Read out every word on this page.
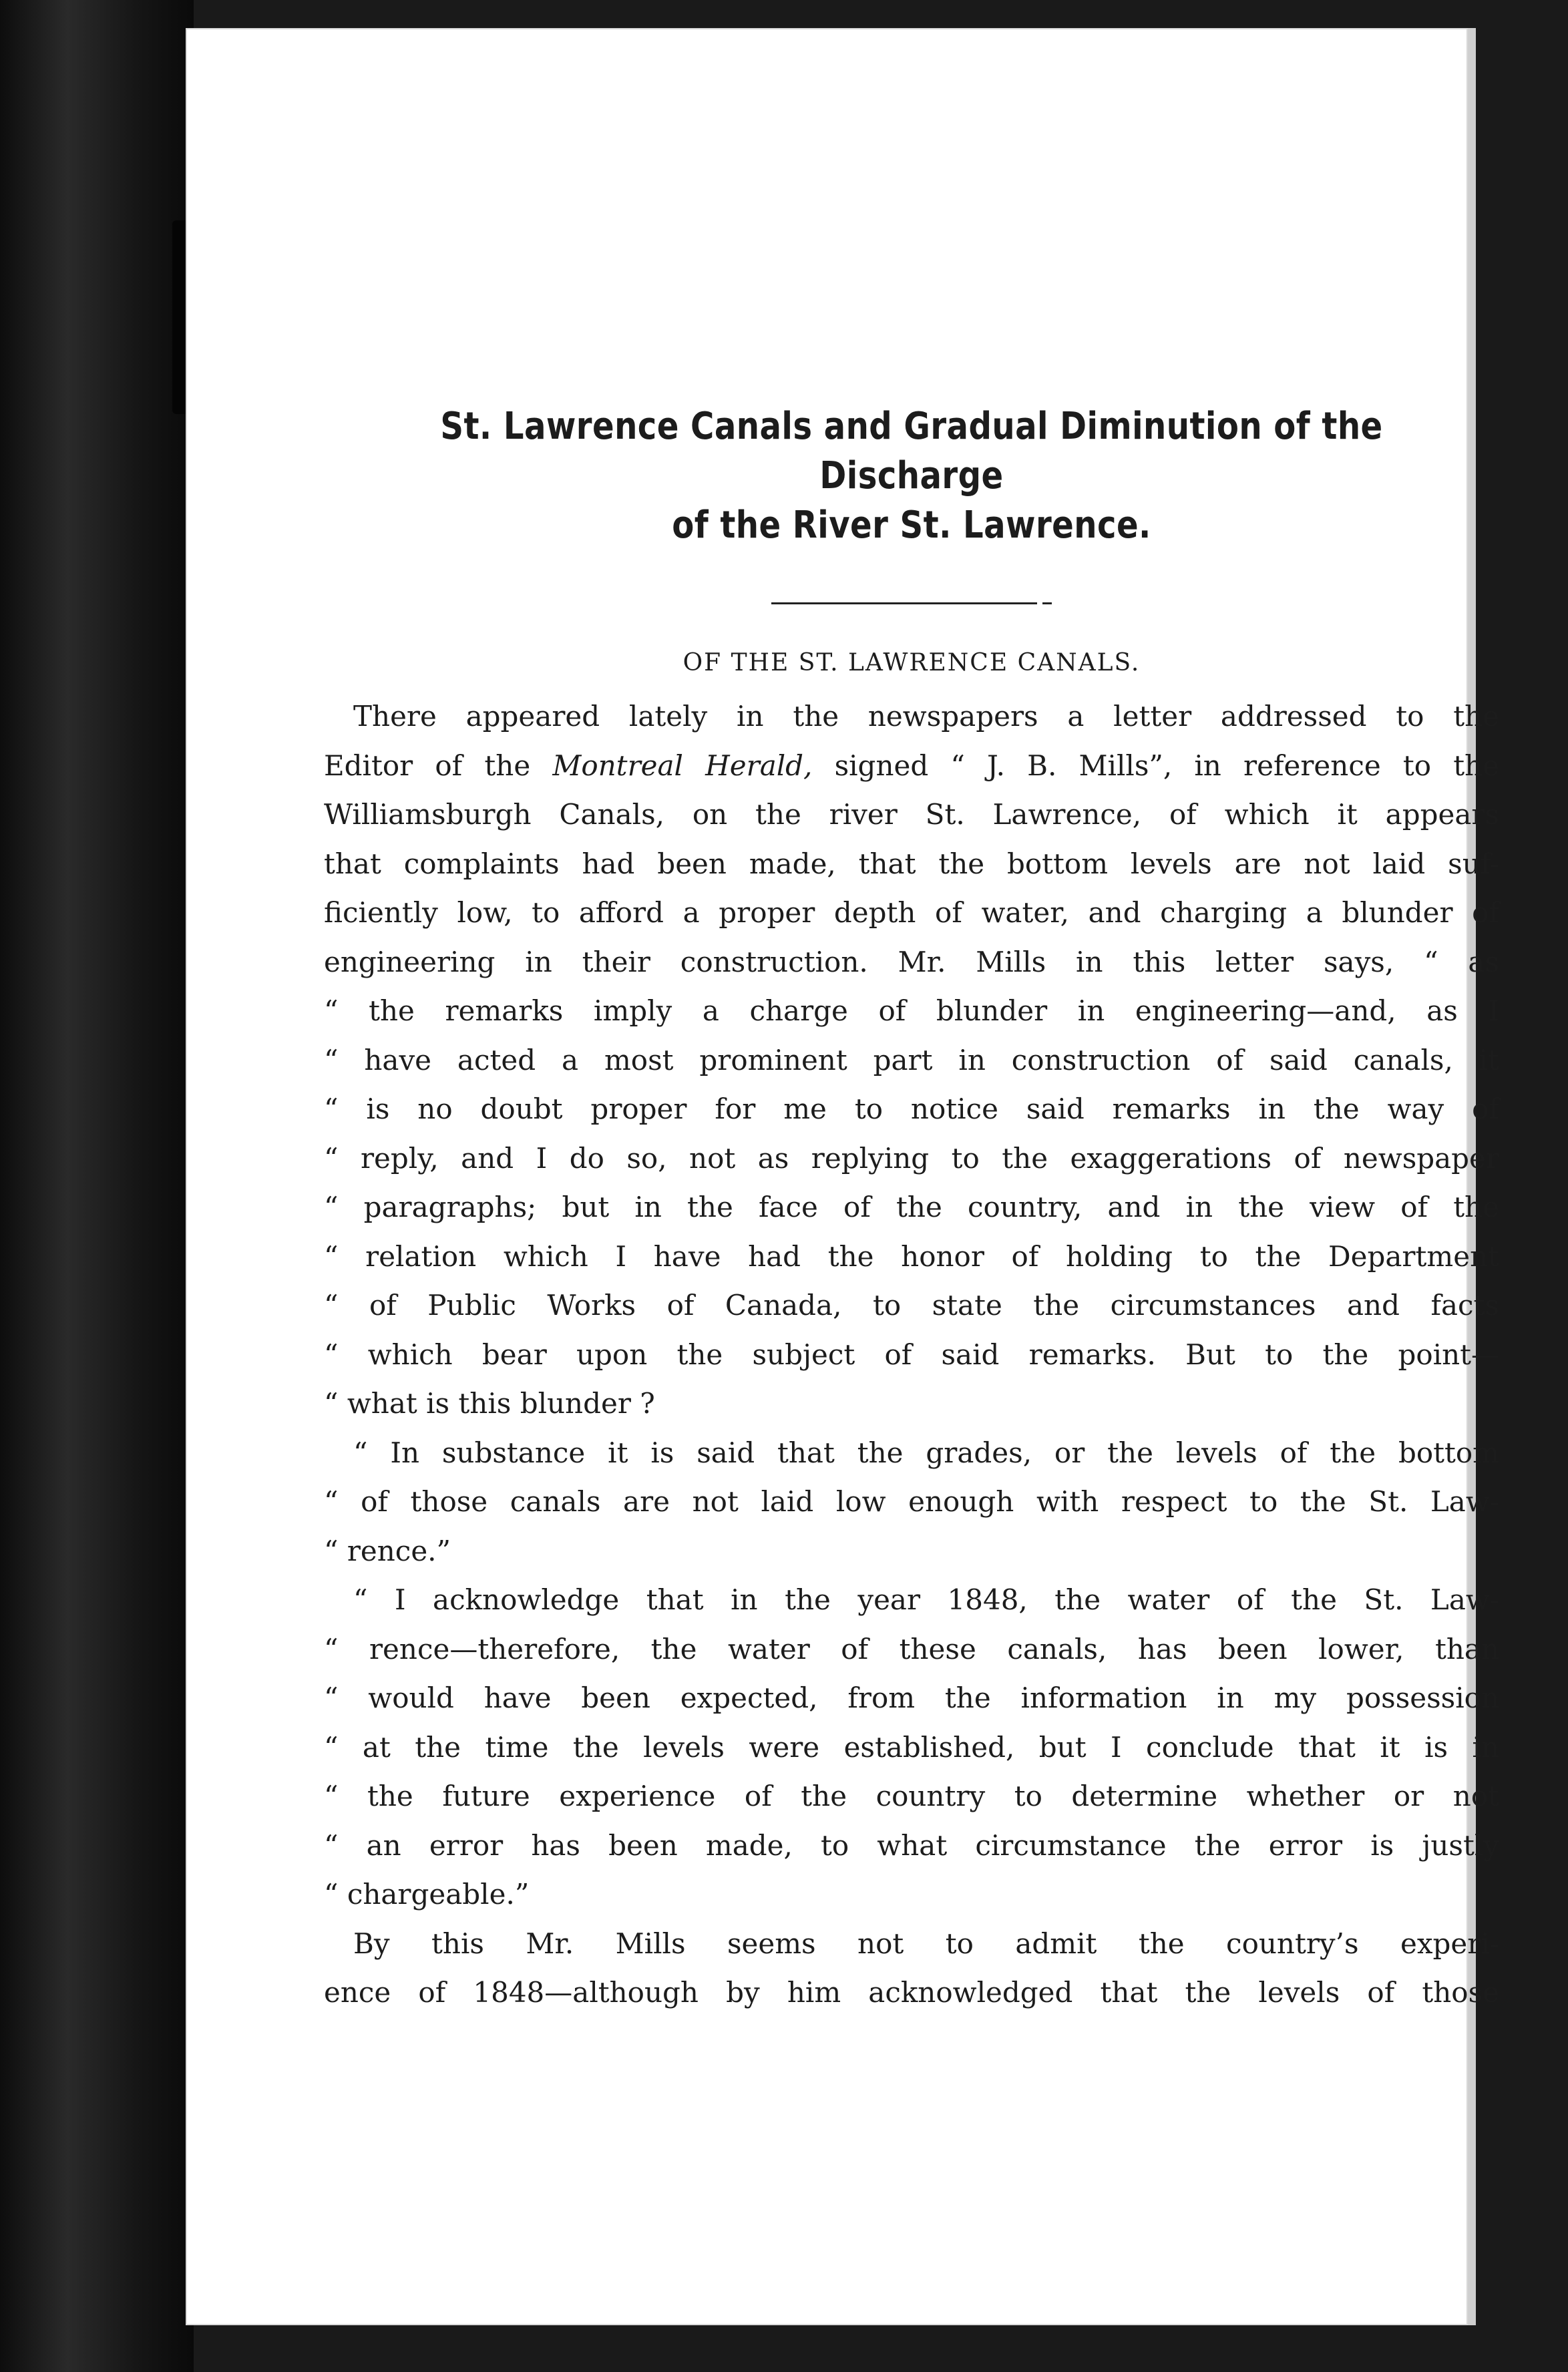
St. Lawrence Canals and Gradual Diminution of the Discharge
of the River St. Lawrence.
OF THE ST. LAWRENCE CANALS.
There appeared lately in the newspapers a letter addressed to the
Editor of the Montreal Herald, signed “ J. B. Mills”, in reference to the
Williamsburgh Canals, on the river St. Lawrence, of which it appears
that complaints had been made, that the bottom levels are not laid suf-
ficiently low, to afford a proper depth of water, and charging a blunder of
engineering in their construction. Mr. Mills in this letter says, “ as
“ the remarks imply a charge of blunder in engineering—and, as I
“ have acted a most prominent part in construction of said canals, it
“ is no doubt proper for me to notice said remarks in the way of
“ reply, and I do so, not as replying to the exaggerations of newspaper
“ paragraphs; but in the face of the country, and in the view of the
“ relation which I have had the honor of holding to the Department
“ of Public Works of Canada, to state the circumstances and facts
“ which bear upon the subject of said remarks. But to the point—
“ what is this blunder ?
“ In substance it is said that the grades, or the levels of the bottom
“ of those canals are not laid low enough with respect to the St. Law-
“ rence.”
“ I acknowledge that in the year 1848, the water of the St. Law-
“ rence—therefore, the water of these canals, has been lower, than
“ would have been expected, from the information in my possession
“ at the time the levels were established, but I conclude that it is in
“ the future experience of the country to determine whether or not
“ an error has been made, to what circumstance the error is justly
“ chargeable.”
By this Mr. Mills seems not to admit the country’s experi-
ence of 1848—although by him acknowledged that the levels of those
